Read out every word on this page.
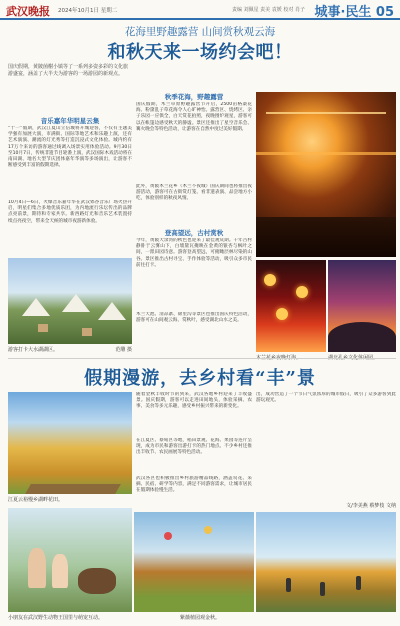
武汉晚报 2024年10月1日 星期二	责编 刘佩星 责美 袁媛 校对 肖子 城事·民生 05
花海里野趣露营 山间赏秋观云海
和秋天来一场约会吧！
国庆假期，黄陂菌榭小镇等了一系列多姿多彩的文化旅游盛宴，涵盖了大半夫为游客的一场游园的新观点。
音乐嘉年华明星云集
“十一”假期，武汉江夏山立信城将开城迎客，不仅有主题美学强有加展大演，市满街、国际等地艺术和乐趣上演，还有艺术演演、潮流的灯光秀等打造沉浸式文化体验。城内约有17万个来访的游客通过线调入场景实用体验活动。9月30日至10月7日，传统非遗节目轮番上演，武汉国际木戏活动将在南田湖、地名大型节庆团体嘉年华演等多场演出，让游客不断感受到丰富的假期选择。
10月4日—6日，火爆音乐嘉年华在武汉郊谷音乐广场火热开启，明星们集合多地优质乐团，为内地流行乐坛传出的品牌点亮前景，期待和专家共享。新西路灯光和音乐艺术装置持续点亮夜空，带来全天候的城市夜游新体验。
游客打卡大水湖湖区。	范雕 摄
秋季花海，野趣露营
国庆假期，木兰草原野趣露营节开启，2500亩格桑花海、粉黛乱子草花海令人心旷神怡。露营区、烧烤区、亲子乐园一应俱全，白天赏花拍照，夜晚围炉观星，游客可以在帐篷边感受秋天的静谧。景区还推出了星空音乐会、篝火晚会等特色活动，让游客在自然中度过美好假期。
此外，黄陂木兰花乡（木兰不夜城）国庆期间也将推出夜游活动，游客可在古街赏灯笼、看非遗表演、品尝地方小吃，体验别样的秋夜风情。
登高望远，古村赏秋
今年，黄陂大余湾的秋色也迎来了最佳观赏期。千年古村静卧于云雾山下，白墙黛瓦掩映在金黄的银杏与枫叶之间，一派田园诗意。游客登高望远，可俯瞰层林尽染的山谷。景区推出古村寻宝、手作体验等活动，吸引众多市民前往打卡。
木兰天池、清凉寨、锦里沟等景区也推出国庆特色活动，游客可在山间观云海、赏秋叶，感受湖北山水之美。
假期漫游，去乡村看“丰”景
江夏云裕慢乡湖畔花田。
随着金秋丰收时节的到来，武汉各地乡村迎来了丰收盛景。国庆假期，游客可以走进田间地头，体验采摘、农事、美食等多元乐趣，感受乡村振兴带来的新变化。
在江夏区、蔡甸区等地，稻田景观、花海、果园等连片呈现，成为市民和游客出游打卡的热门地点。不少乡村还推出丰收节、农民画展等特色活动。
武汉各区也积极推出乡村旅游精品线路，涵盖赏花、采摘、民宿、研学等内容，满足不同游客需求，让城市居民在假期体验慢生活。
出，成功营造了一个节日气氛浓厚的城市假日，吸引了众多游客到此游玩观光。
文/李美燕 蔡梦枝 文纳
小朋友在武汉野生动物王国里与萌宠互动。	紫薇植园观金秋。
